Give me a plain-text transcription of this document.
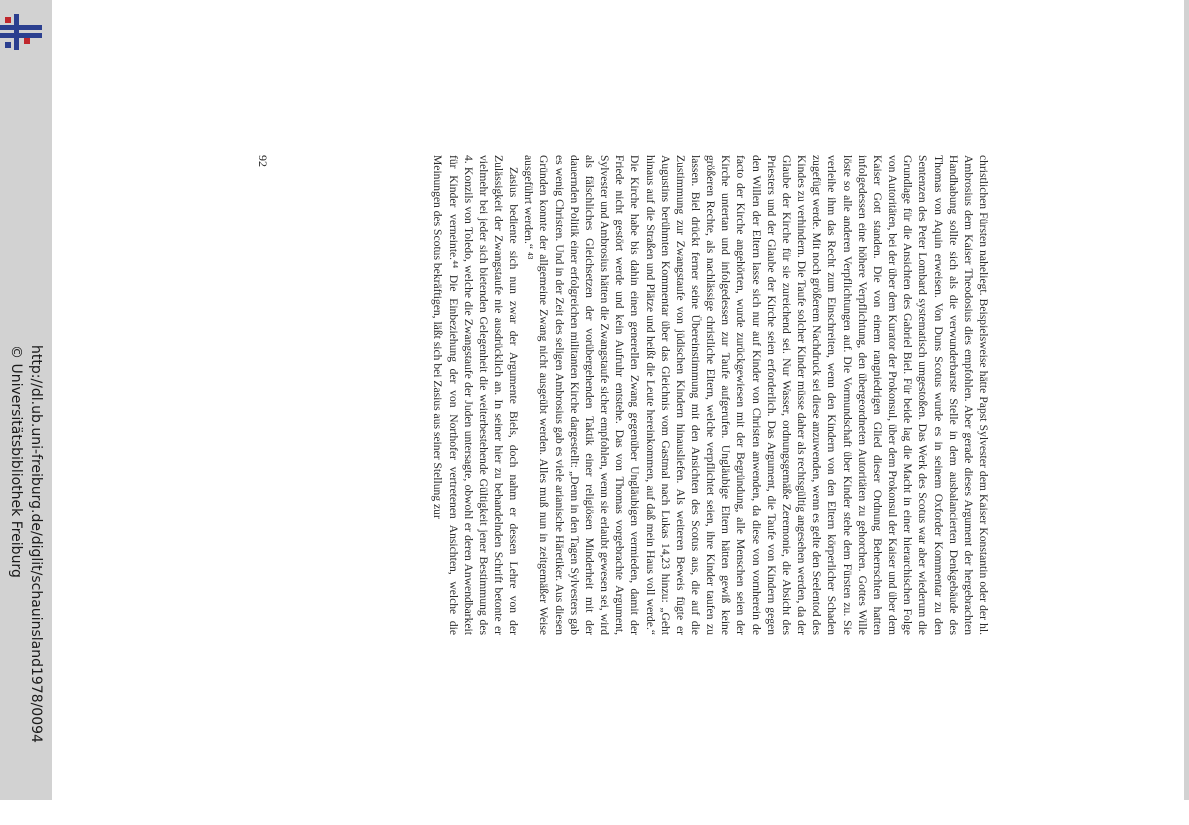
http://dl.ub.uni-freiburg.de/diglit/schauinsland1978/0094
© Universitätsbibliothek Freiburg	christlichen Fürsten naheliegt. Beispielsweise hätte Papst Sylvester dem Kaiser Konstantin oder der hl. Ambrosius dem Kaiser Theodosius dies empfohlen. Aber gerade dieses Argument der hergebrachten Handhabung sollte sich als die verwunderbarste Stelle in dem ausbalancierten Denkgebäude des Thomas von Aquin erweisen. Von Duns Scotus wurde es in seinem Oxforder Kommentar zu den Sentenzen des Peter Lombard systematisch umgestoßen. Das Werk des Scotus war aber wiederum die Grundlage für die Ansichten des Gabriel Biel. Für beide lag die Macht in einer hierarchischen Folge von Autoritäten, bei der über dem Kurator der Prokonsul, über dem Prokonsul der Kaiser und über dem Kaiser Gott standen. Die von einem rangniedrigen Glied dieser Ordnung Beherrschten hatten infolgedessen eine höhere Verpflichtung, den übergeordneten Autoritäten zu gehorchen. Gottes Wille löste so alle anderen Verpflichtungen auf. Die Vormundschaft über Kinder stehe dem Fürsten zu. Sie verleihe ihm das Recht zum Einschreiten, wenn den Kindern von den Eltern körperlicher Schaden zugefügt werde. Mit noch größerem Nachdruck sei diese anzuwenden, wenn es gelte den Seelentod des Kindes zu verhindern. Die Taufe solcher Kinder müsse daher als rechtsgültig angesehen werden, da der Glaube der Kirche für sie zureichend sei. Nur Wasser, ordnungsgemäße Zeremonie, die Absicht des Priesters und der Glaube der Kirche seien erforderlich. Das Argument, die Taufe von Kindern gegen den Willen der Eltern lasse sich nur auf Kinder von Christen anwenden, da diese von vornherein de facto der Kirche angehörten, wurde zurückgewiesen mit der Begründung, alle Menschen seien der Kirche untertan und infolgedessen zur Taufe aufgerufen. Ungläubige Eltern hätten gewiß keine größeren Rechte, als nachlässige christliche Eltern, welche verpflichtet seien, ihre Kinder taufen zu lassen. Biel drückt ferner seine Übereinstimmung mit den Ansichten des Scotus aus, die auf die Zustimmung zur Zwangstaufe von jüdischen Kindern hinausliefen. Als weiteren Beweis fügte er Augustins berühmten Kommentar über das Gleichnis vom Gastmal nach Lukas 14,23 hinzu: „Geht hinaus auf die Straßen und Plätze und heißt die Leute hereinkommen, auf daß mein Haus voll werde.“ Die Kirche habe bis dahin einen generellen Zwang gegenüber Ungläubigen vermieden, damit der Friede nicht gestört werde und kein Aufruhr entstehe. Das von Thomas vorgebrachte Argument, Sylvester und Ambrosius hätten die Zwangstaufe sicher empfohlen, wenn sie erlaubt gewesen sei, wird als fälschliches Gleichsetzen der vorübergehenden Taktik einer religiösen Minderheit mit der dauernden Politik einer erfolgreichen militanten Kirche dargestellt: „Denn in den Tagen Sylvesters gab es wenig Christen. Und in der Zeit des seligen Ambrosius gab es viele arianische Häretiker. Aus diesen Gründen konnte der allgemeine Zwang nicht ausgeübt werden. Alles muß nun in zeitgemäßer Weise ausgeführt werden.“ ⁴³

Zasius bediente sich nun zwar der Argumente Biels, doch nahm er dessen Lehre von der Zulässigkeit der Zwangstaufe nie ausdrücklich an. In seiner hier zu behandelnden Schrift betonte er vielmehr bei jeder sich bietenden Gelegenheit die weiterbestehende Gültigkeit jener Bestimmung des 4. Konzils von Toledo, welche die Zwangstaufe der Juden untersagte, obwohl er deren Anwendbarkeit für Kinder verneinte.⁴⁴ Die Einbeziehung der von Northofer vertretenen Ansichten, welche die Meinungen des Scotus bekräftigen, läßt sich bei Zasius aus seiner Stellung zur

92
